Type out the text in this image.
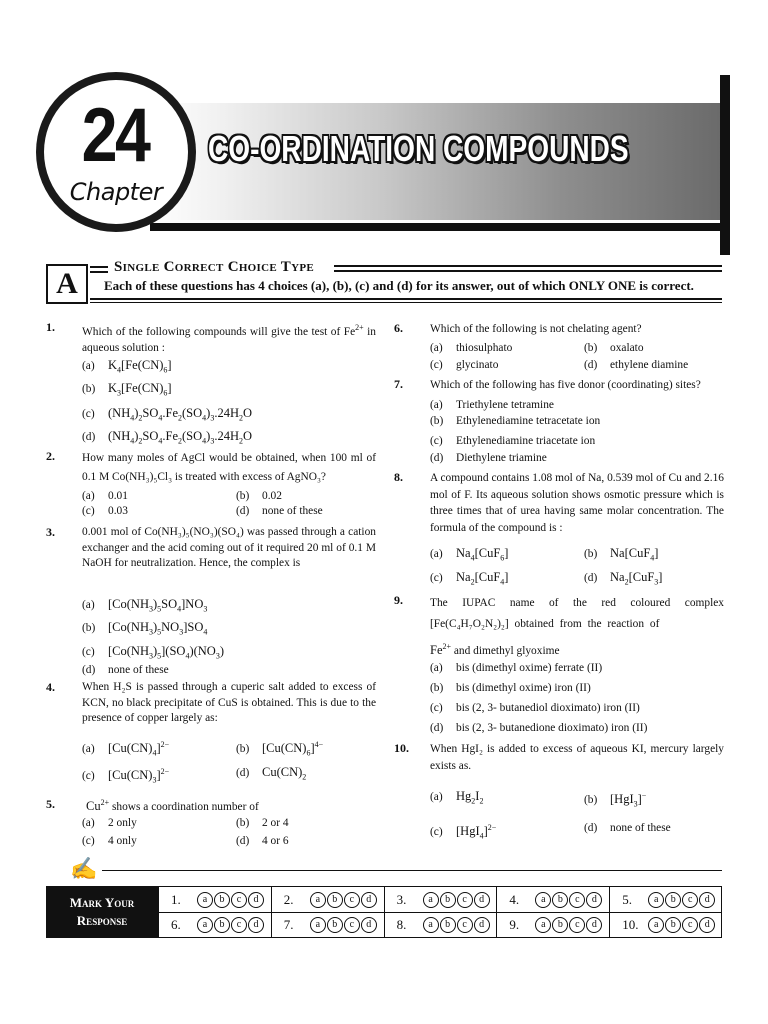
CO-ORDINATION COMPOUNDS
24
Chapter
A	Single Correct Choice Type
Each of these questions has 4 choices (a), (b), (c) and (d) for its answer, out of which ONLY ONE is correct.
1. Which of the following compounds will give the test of $Fe^{2+}$ in aqueous solution :
(a) $K_4[Fe(CN)_6]$
(b) $K_3[Fe(CN)_6]$
(c) $(NH_4)_2SO_4.Fe_2(SO_4)_3.24H_2O$
(d) $(NH_4)_2SO_4.Fe_2(SO_4)_3.24H_2O$
2. How many moles of AgCl would be obtained, when 100 ml of 0.1 M Co(NH₃)₅Cl₃ is treated with excess of AgNO₃?
(a) 0.01	(b) 0.02
(c) 0.03	(d) none of these
3. 0.001 mol of Co(NH₃)₅(NO₃)(SO₄) was passed through a cation exchanger and the acid coming out of it required 20 ml of 0.1 M NaOH for neutralization. Hence, the complex is
(a) $[Co(NH_3)_5SO_4]NO_3$
(b) $[Co(NH_3)_5NO_3]SO_4$
(c) $[Co(NH_3)_5](SO_4)(NO_3)$
(d) none of these
4. When H₂S is passed through a cuperic salt added to excess of KCN, no black precipitate of CuS is obtained. This is due to the presence of copper largely as:
(a) $[Cu(CN)_4]^{2-}$	(b) $[Cu(CN)_6]^{4-}$
(c) $[Cu(CN)_3]^{2-}$	(d) $Cu(CN)_2$
5. $Cu^{2+}$ shows a coordination number of
(a) 2 only	(b) 2 or 4
(c) 4 only	(d) 4 or 6
6. Which of the following is not chelating agent?
(a) thiosulphato	(b) oxalato
(c) glycinato	(d) ethylene diamine
7. Which of the following has five donor (coordinating) sites?
(a) Triethylene tetramine
(b) Ethylenediamine tetracetate ion
(c) Ethylenediamine triacetate ion
(d) Diethylene triamine
8. A compound contains 1.08 mol of Na, 0.539 mol of Cu and 2.16 mol of F. Its aqueous solution shows osmotic pressure which is three times that of urea having same molar concentration. The formula of the compound is :
(a) $Na_4[CuF_6]$	(b) Na[CuF$_4$]
(c) $Na_2[CuF_4]$	(d) $Na_2[CuF_3]$
9. The IUPAC name of the red coloured complex [Fe(C₄H₇O₂N₂)₂] obtained from the reaction of
$Fe^{2+}$ and dimethyl glyoxime
(a) bis (dimethyl oxime) ferrate (II)
(b) bis (dimethyl oxime) iron (II)
(c) bis (2, 3- butanediol dioximato) iron (II)
(d) bis (2, 3- butanedione dioximato) iron (II)
10. When HgI₂ is added to excess of aqueous KI, mercury largely exists as.
(a) $Hg_2I_2$	(b) [HgI$_3$]−
(c) $[HgI_4]^{2-}$	(d) none of these
✍
Mark Your
Response
1.	a	b	c	d	2.	a	b	c	d	3.	a	b	c	d	4.	a	b	c	d	5.	a	b	c	d
6.	a	b	c	d	7.	a	b	c	d	8.	a	b	c	d	9.	a	b	c	d	10.	a	b	c	d
